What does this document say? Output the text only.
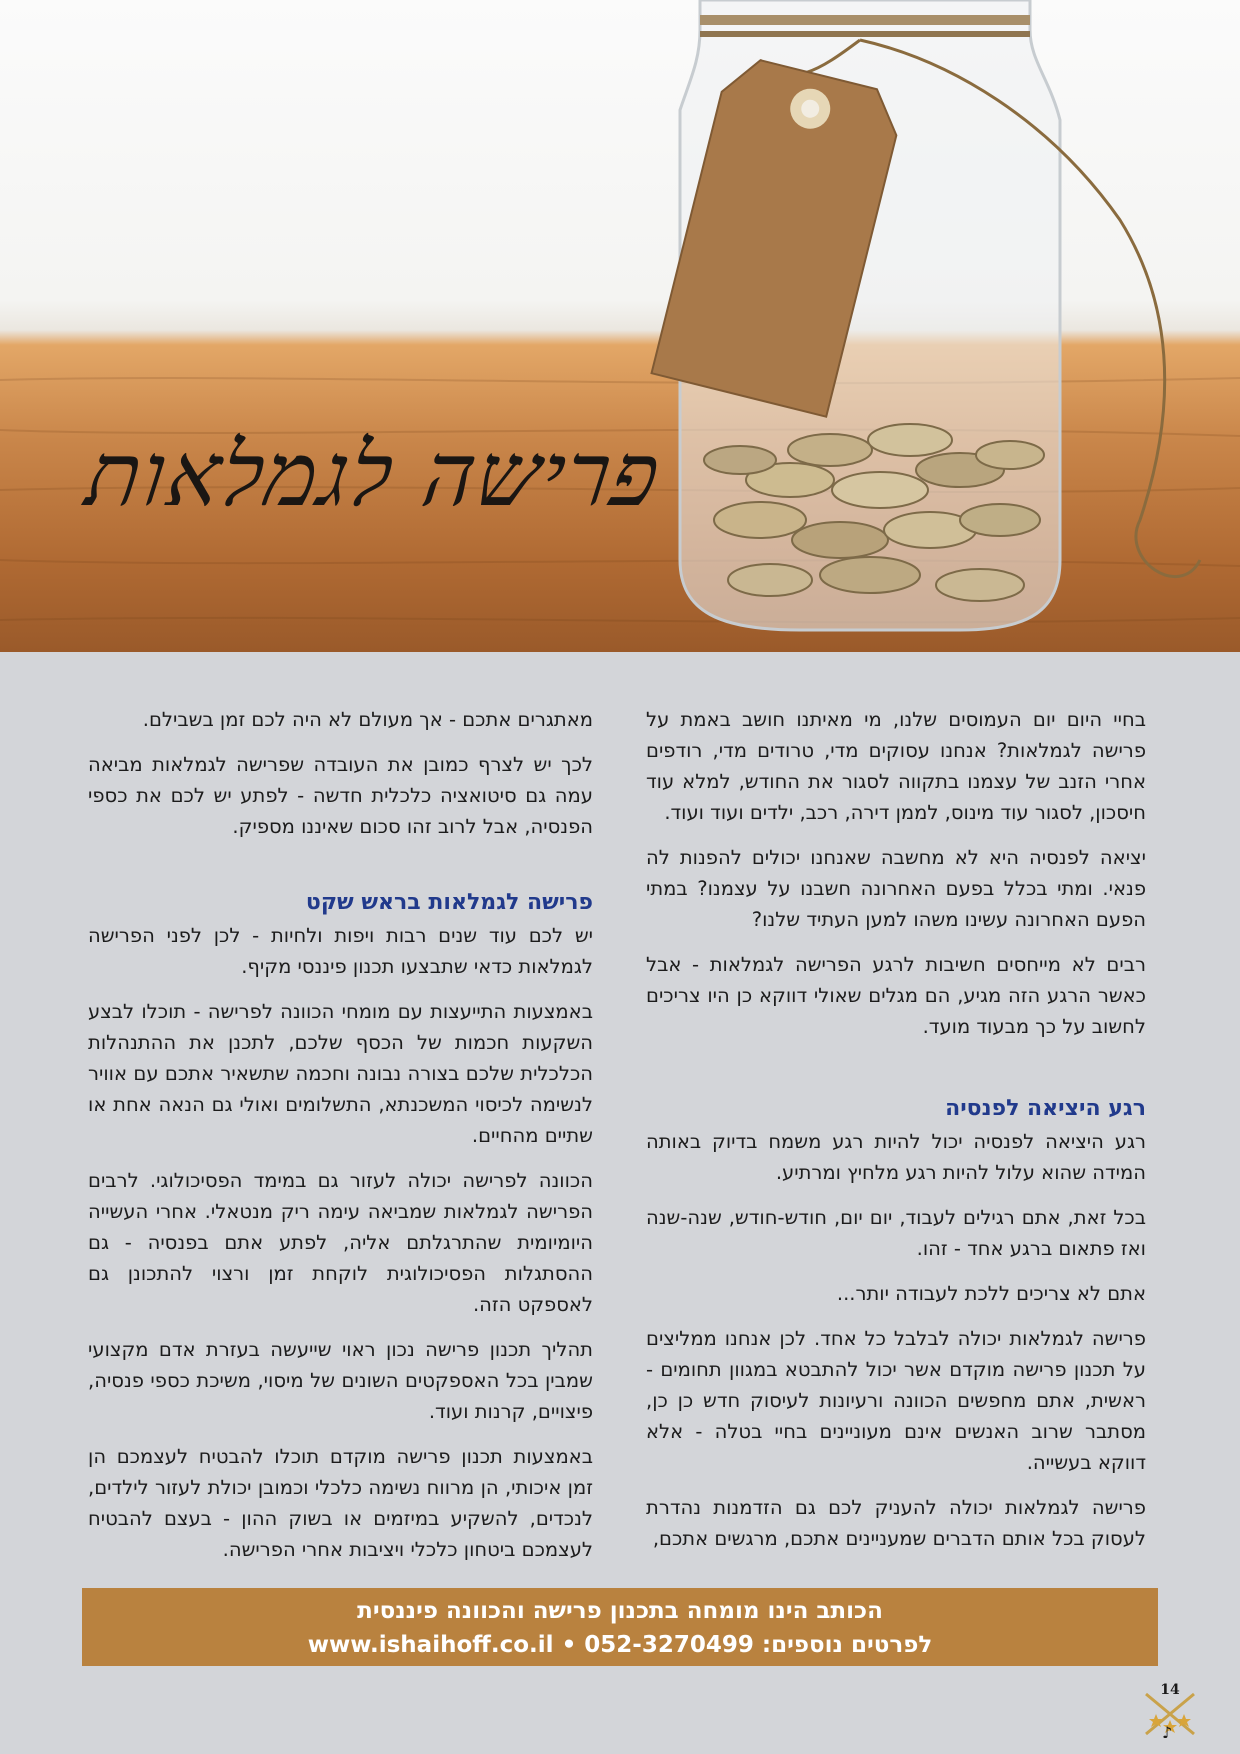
פרישה לגמלאות

בחיי היום יום העמוסים שלנו, מי מאיתנו חושב באמת על פרישה לגמלאות? אנחנו עסוקים מדי, טרודים מדי, רודפים אחרי הזנב של עצמנו בתקווה לסגור את החודש, למלא עוד חיסכון, לסגור עוד מינוס, לממן דירה, רכב, ילדים ועוד ועוד.

יציאה לפנסיה היא לא מחשבה שאנחנו יכולים להפנות לה פנאי. ומתי בכלל בפעם האחרונה חשבנו על עצמנו? במתי הפעם האחרונה עשינו משהו למען העתיד שלנו?

רבים לא מייחסים חשיבות לרגע הפרישה לגמלאות - אבל כאשר הרגע הזה מגיע, הם מגלים שאולי דווקא כן היו צריכים לחשוב על כך מבעוד מועד.

רגע היציאה לפנסיה

רגע היציאה לפנסיה יכול להיות רגע משמח בדיוק באותה המידה שהוא עלול להיות רגע מלחיץ ומרתיע.

בכל זאת, אתם רגילים לעבוד, יום יום, חודש-חודש, שנה-שנה ואז פתאום ברגע אחד - זהו.

אתם לא צריכים ללכת לעבודה יותר...

פרישה לגמלאות יכולה לבלבל כל אחד. לכן אנחנו ממליצים על תכנון פרישה מוקדם אשר יכול להתבטא במגוון תחומים - ראשית, אתם מחפשים הכוונה ורעיונות לעיסוק חדש כן כן, מסתבר שרוב האנשים אינם מעוניינים בחיי בטלה - אלא דווקא בעשייה.

פרישה לגמלאות יכולה להעניק לכם גם הזדמנות נהדרת לעסוק בכל אותם הדברים שמעניינים אתכם, מרגשים אתכם,

מאתגרים אתכם - אך מעולם לא היה לכם זמן בשבילם.

לכך יש לצרף כמובן את העובדה שפרישה לגמלאות מביאה עמה גם סיטואציה כלכלית חדשה - לפתע יש לכם את כספי הפנסיה, אבל לרוב זהו סכום שאיננו מספיק.

פרישה לגמלאות בראש שקט

יש לכם עוד שנים רבות ויפות ולחיות - לכן לפני הפרישה לגמלאות כדאי שתבצעו תכנון פיננסי מקיף.

באמצעות התייעצות עם מומחי הכוונה לפרישה - תוכלו לבצע השקעות חכמות של הכסף שלכם, לתכנן את ההתנהלות הכלכלית שלכם בצורה נבונה וחכמה שתשאיר אתכם עם אוויר לנשימה לכיסוי המשכנתא, התשלומים ואולי גם הנאה אחת או שתיים מהחיים.

הכוונה לפרישה יכולה לעזור גם במימד הפסיכולוגי. לרבים הפרישה לגמלאות שמביאה עימה ריק מנטאלי. אחרי העשייה היומיומית שהתרגלתם אליה, לפתע אתם בפנסיה - גם ההסתגלות הפסיכולוגית לוקחת זמן ורצוי להתכונן גם לאספקט הזה.

תהליך תכנון פרישה נכון ראוי שייעשה בעזרת אדם מקצועי שמבין בכל האספקטים השונים של מיסוי, משיכת כספי פנסיה, פיצויים, קרנות ועוד.

באמצעות תכנון פרישה מוקדם תוכלו להבטיח לעצמכם הן זמן איכותי, הן מרווח נשימה כלכלי וכמובן יכולת לעזור לילדים, לנכדים, להשקיע במיזמים או בשוק ההון - בעצם להבטיח לעצמכם ביטחון כלכלי ויציבות אחרי הפרישה.

הכותב הינו מומחה בתכנון פרישה והכוונה פיננסית
לפרטים נוספים: 052-3270499 • www.ishaihoff.co.il
♪
14
